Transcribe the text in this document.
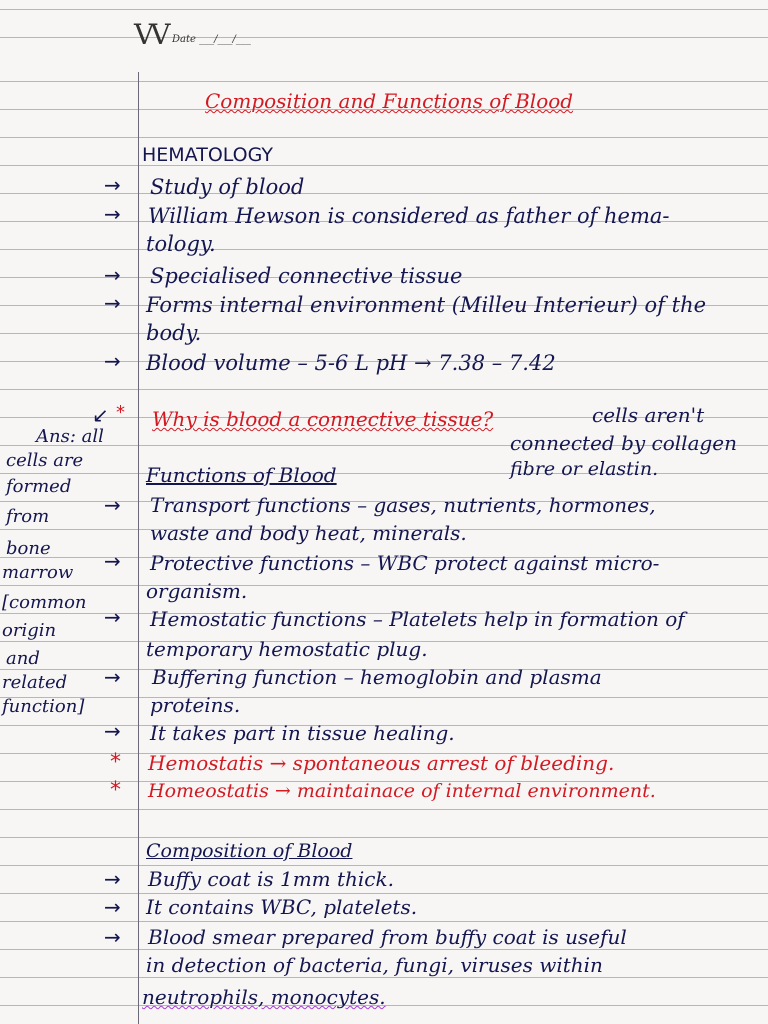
VV Date ___/___/___
Composition and Functions of Blood
HEMATOLOGY
→ Study of blood
→ William Hewson is considered as father of hema-
tology.
→ Specialised connective tissue
→ Forms internal environment (Milleu Interieur) of the
body.
→ Blood volume – 5-6 L pH → 7.38 – 7.42
↙ * Why is blood a connective tissue?	cells aren't
connected by collagen
fibre or elastin.
Ans: all
cells are
formed
from
bone
marrow
[common
origin
and
related
function]
Functions of Blood
→ Transport functions – gases, nutrients, hormones,
waste and body heat, minerals.
→ Protective functions – WBC protect against micro-
organism.
→ Hemostatic functions – Platelets help in formation of
temporary hemostatic plug.
→ Buffering function – hemoglobin and plasma
proteins.
→ It takes part in tissue healing.
* Hemostatis → spontaneous arrest of bleeding.
* Homeostatis → maintainace of internal environment.
Composition of Blood
→ Buffy coat is 1mm thick.
→ It contains WBC, platelets.
→ Blood smear prepared from buffy coat is useful
in detection of bacteria, fungi, viruses within
neutrophils, monocytes.
